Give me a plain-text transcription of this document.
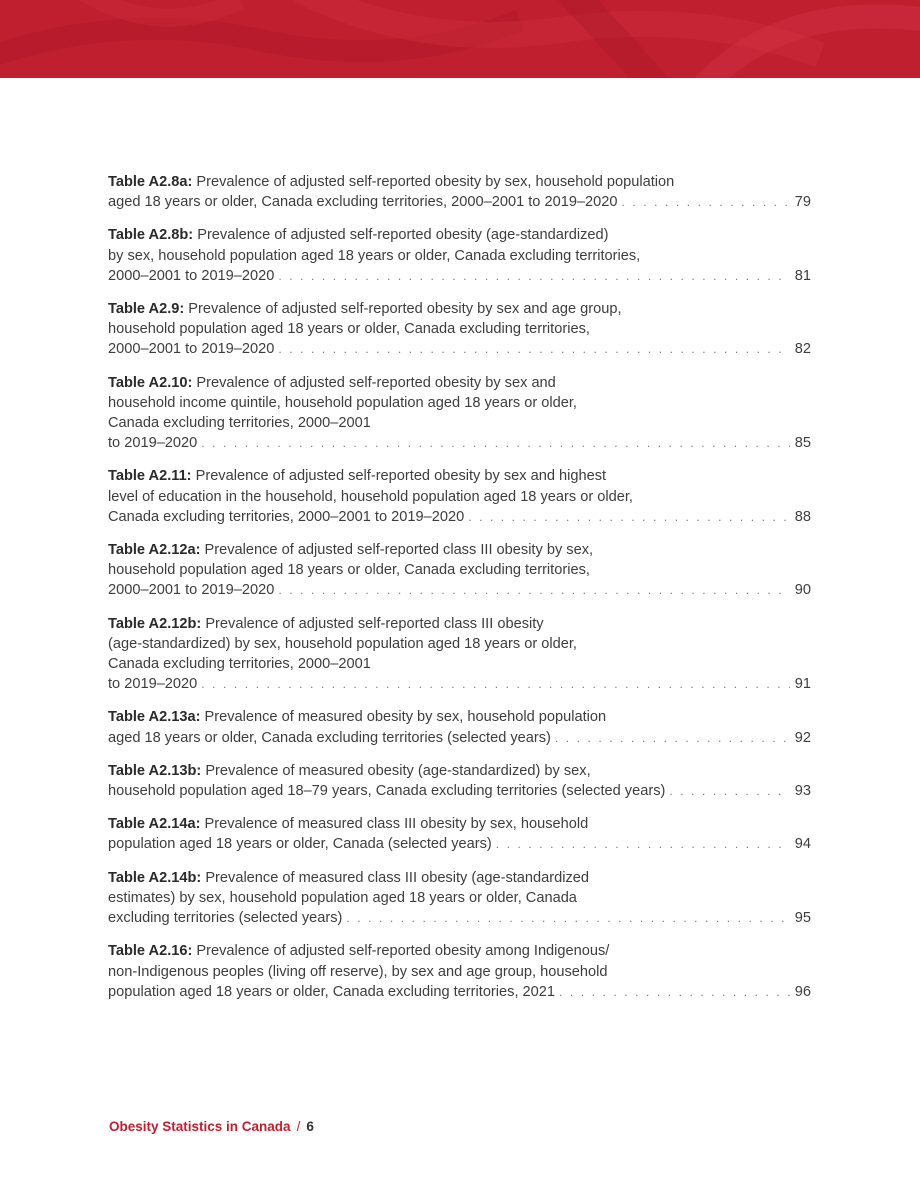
Table A2.8a: Prevalence of adjusted self-reported obesity by sex, household population
aged 18 years or older, Canada excluding territories, 2000–2001 to 2019–2020 . . .	79
Table A2.8b: Prevalence of adjusted self-reported obesity (age-standardized)
by sex, household population aged 18 years or older, Canada excluding territories,
2000–2001 to 2019–2020 . . .	81
Table A2.9: Prevalence of adjusted self-reported obesity by sex and age group,
household population aged 18 years or older, Canada excluding territories,
2000–2001 to 2019–2020 . . .	82
Table A2.10: Prevalence of adjusted self-reported obesity by sex and
household income quintile, household population aged 18 years or older,
Canada excluding territories, 2000–2001
to 2019–2020 . . .	85
Table A2.11: Prevalence of adjusted self-reported obesity by sex and highest
level of education in the household, household population aged 18 years or older,
Canada excluding territories, 2000–2001 to 2019–2020 . . .	88
Table A2.12a: Prevalence of adjusted self-reported class III obesity by sex,
household population aged 18 years or older, Canada excluding territories,
2000–2001 to 2019–2020 . . .	90
Table A2.12b: Prevalence of adjusted self-reported class III obesity
(age-standardized) by sex, household population aged 18 years or older,
Canada excluding territories, 2000–2001
to 2019–2020 . . .	91
Table A2.13a: Prevalence of measured obesity by sex, household population
aged 18 years or older, Canada excluding territories (selected years) . . .	92
Table A2.13b: Prevalence of measured obesity (age-standardized) by sex,
household population aged 18–79 years, Canada excluding territories (selected years) . . .	93
Table A2.14a: Prevalence of measured class III obesity by sex, household
population aged 18 years or older, Canada (selected years) . . .	94
Table A2.14b: Prevalence of measured class III obesity (age-standardized
estimates) by sex, household population aged 18 years or older, Canada
excluding territories (selected years) . . .	95
Table A2.16: Prevalence of adjusted self-reported obesity among Indigenous/
non-Indigenous peoples (living off reserve), by sex and age group, household
population aged 18 years or older, Canada excluding territories, 2021 . . .	96
Obesity Statistics in Canada / 6
